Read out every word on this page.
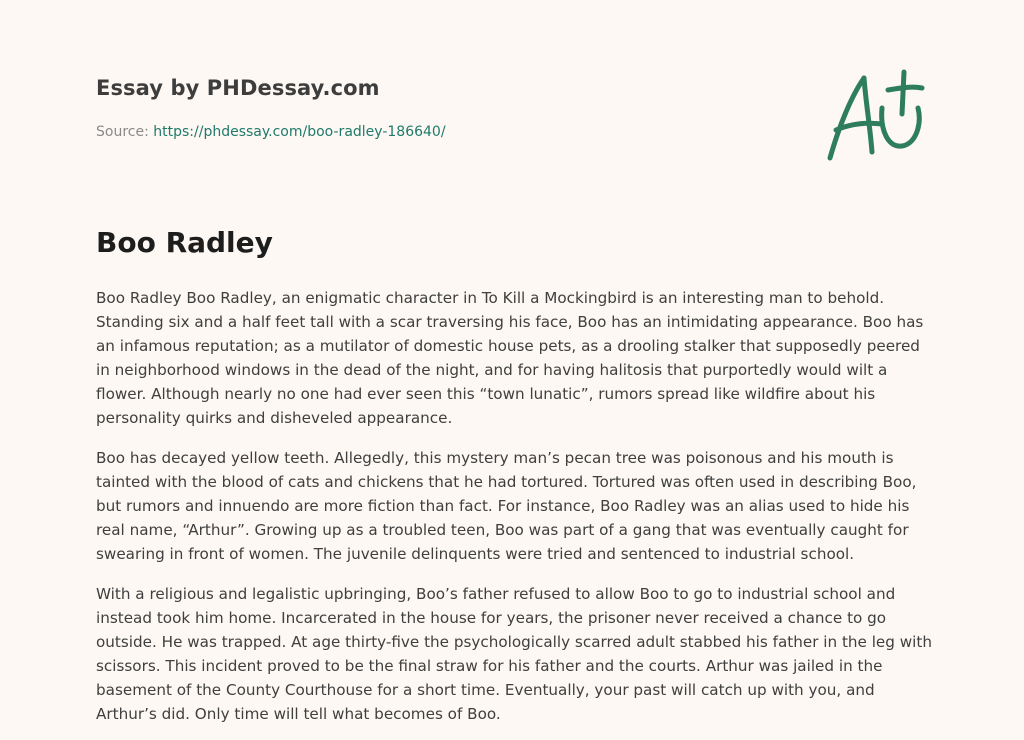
Essay by PHDessay.com
Source: https://phdessay.com/boo-radley-186640/
Boo Radley

Boo Radley Boo Radley, an enigmatic character in To Kill a Mockingbird is an interesting man to behold. Standing six and a half feet tall with a scar traversing his face, Boo has an intimidating appearance. Boo has an infamous reputation; as a mutilator of domestic house pets, as a drooling stalker that supposedly peered in neighborhood windows in the dead of the night, and for having halitosis that purportedly would wilt a flower. Although nearly no one had ever seen this “town lunatic”, rumors spread like wildfire about his personality quirks and disheveled appearance.

Boo has decayed yellow teeth. Allegedly, this mystery man’s pecan tree was poisonous and his mouth is tainted with the blood of cats and chickens that he had tortured. Tortured was often used in describing Boo, but rumors and innuendo are more fiction than fact. For instance, Boo Radley was an alias used to hide his real name, “Arthur”. Growing up as a troubled teen, Boo was part of a gang that was eventually caught for swearing in front of women. The juvenile delinquents were tried and sentenced to industrial school.

With a religious and legalistic upbringing, Boo’s father refused to allow Boo to go to industrial school and instead took him home. Incarcerated in the house for years, the prisoner never received a chance to go outside. He was trapped. At age thirty-five the psychologically scarred adult stabbed his father in the leg with scissors. This incident proved to be the final straw for his father and the courts. Arthur was jailed in the basement of the County Courthouse for a short time. Eventually, your past will catch up with you, and Arthur’s did. Only time will tell what becomes of Boo.
